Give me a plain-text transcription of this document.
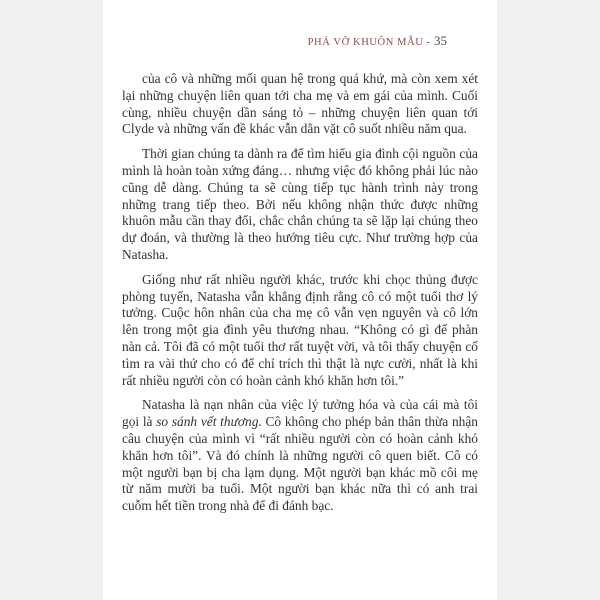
PHÁ VỠ KHUÔN MẪU - 35

của cô và những mối quan hệ trong quá khứ, mà còn xem xét lại những chuyện liên quan tới cha mẹ và em gái của mình. Cuối cùng, nhiều chuyện dần sáng tỏ – những chuyện liên quan tới Clyde và những vấn đề khác vẫn dằn vặt cô suốt nhiều năm qua.

Thời gian chúng ta dành ra để tìm hiểu gia đình cội nguồn của mình là hoàn toàn xứng đáng… nhưng việc đó không phải lúc nào cũng dễ dàng. Chúng ta sẽ cùng tiếp tục hành trình này trong những trang tiếp theo. Bởi nếu không nhận thức được những khuôn mẫu cần thay đổi, chắc chắn chúng ta sẽ lặp lại chúng theo dự đoán, và thường là theo hướng tiêu cực. Như trường hợp của Natasha.

Giống như rất nhiều người khác, trước khi chọc thủng được phòng tuyến, Natasha vẫn khẳng định rằng cô có một tuổi thơ lý tưởng. Cuộc hôn nhân của cha mẹ cô vẫn vẹn nguyên và cô lớn lên trong một gia đình yêu thương nhau. “Không có gì để phàn nàn cả. Tôi đã có một tuổi thơ rất tuyệt vời, và tôi thấy chuyện cố tìm ra vài thứ cho có để chỉ trích thì thật là nực cười, nhất là khi rất nhiều người còn có hoàn cảnh khó khăn hơn tôi.”

Natasha là nạn nhân của việc lý tưởng hóa và của cái mà tôi gọi là so sánh vết thương. Cô không cho phép bản thân thừa nhận câu chuyện của mình vì “rất nhiều người còn có hoàn cảnh khó khăn hơn tôi”. Và đó chính là những người cô quen biết. Cô có một người bạn bị cha lạm dụng. Một người bạn khác mồ côi mẹ từ năm mười ba tuổi. Một người bạn khác nữa thì có anh trai cuỗm hết tiền trong nhà để đi đánh bạc.
